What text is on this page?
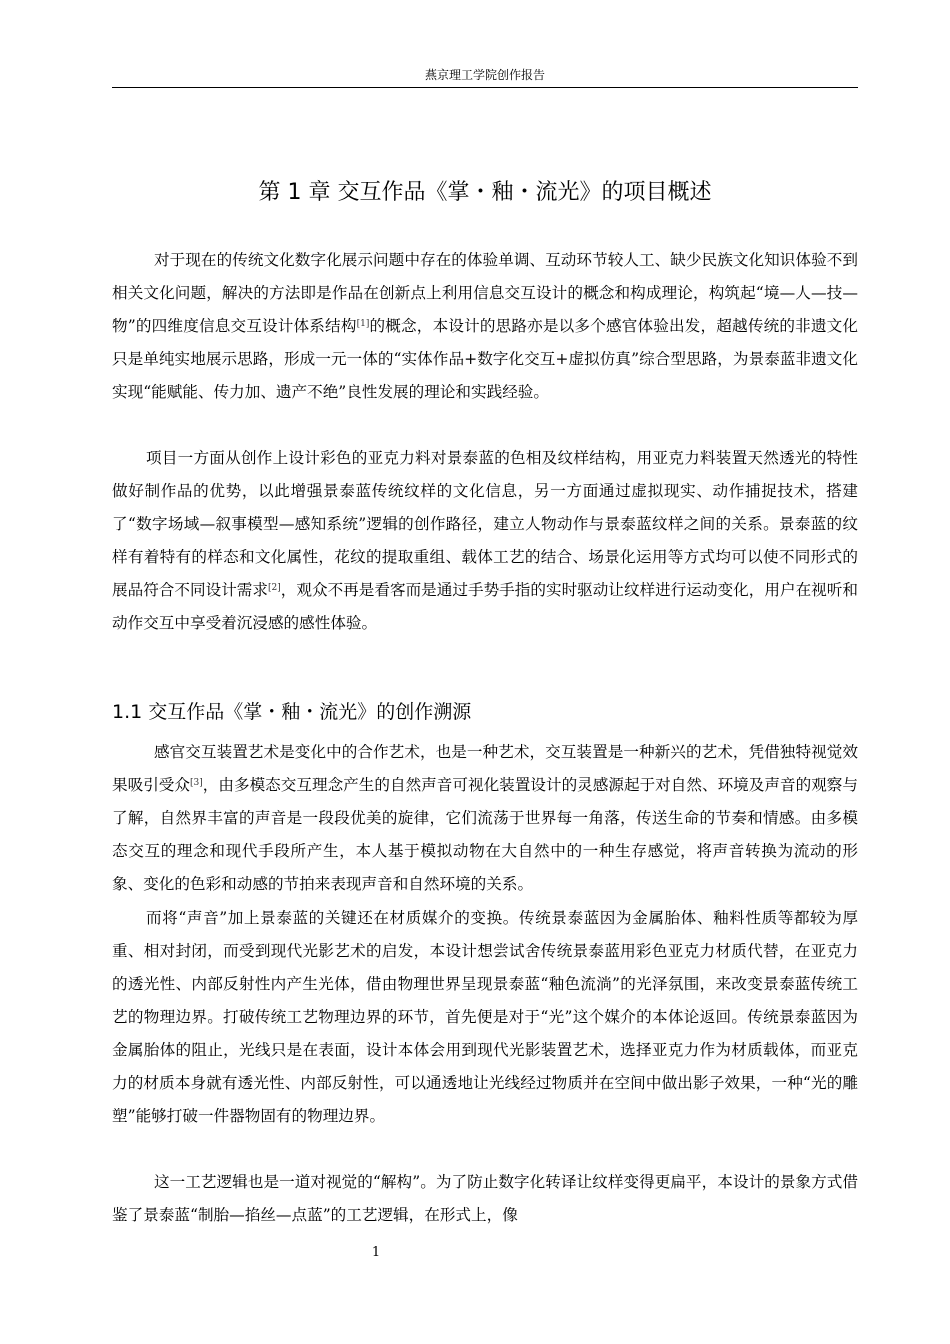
燕京理工学院创作报告
第 1 章 交互作品《掌・釉・流光》的项目概述

对于现在的传统文化数字化展示问题中存在的体验单调、互动环节较人工、缺少民族文化知识体验不到相关文化问题，解决的方法即是作品在创新点上利用信息交互设计的概念和构成理论，构筑起“境—人—技—物”的四维度信息交互设计体系结构[1]的概念，本设计的思路亦是以多个感官体验出发，超越传统的非遗文化只是单纯实地展示思路，形成一元一体的“实体作品+数字化交互+虚拟仿真”综合型思路，为景泰蓝非遗文化实现“能赋能、传力加、遗产不绝”良性发展的理论和实践经验。

项目一方面从创作上设计彩色的亚克力料对景泰蓝的色相及纹样结构，用亚克力料装置天然透光的特性做好制作品的优势，以此增强景泰蓝传统纹样的文化信息，另一方面通过虚拟现实、动作捕捉技术，搭建了“数字场域—叙事模型—感知系统”逻辑的创作路径，建立人物动作与景泰蓝纹样之间的关系。景泰蓝的纹样有着特有的样态和文化属性，花纹的提取重组、载体工艺的结合、场景化运用等方式均可以使不同形式的展品符合不同设计需求[2]，观众不再是看客而是通过手势手指的实时驱动让纹样进行运动变化，用户在视听和动作交互中享受着沉浸感的感性体验。

1.1 交互作品《掌・釉・流光》的创作溯源

感官交互装置艺术是变化中的合作艺术，也是一种艺术，交互装置是一种新兴的艺术，凭借独特视觉效果吸引受众[3]，由多模态交互理念产生的自然声音可视化装置设计的灵感源起于对自然、环境及声音的观察与了解，自然界丰富的声音是一段段优美的旋律，它们流荡于世界每一角落，传送生命的节奏和情感。由多模态交互的理念和现代手段所产生，本人基于模拟动物在大自然中的一种生存感觉，将声音转换为流动的形象、变化的色彩和动感的节拍来表现声音和自然环境的关系。

而将“声音”加上景泰蓝的关键还在材质媒介的变换。传统景泰蓝因为金属胎体、釉料性质等都较为厚重、相对封闭，而受到现代光影艺术的启发，本设计想尝试舍传统景泰蓝用彩色亚克力材质代替，在亚克力的透光性、内部反射性内产生光体，借由物理世界呈现景泰蓝“釉色流淌”的光泽氛围，来改变景泰蓝传统工艺的物理边界。打破传统工艺物理边界的环节，首先便是对于“光”这个媒介的本体论返回。传统景泰蓝因为金属胎体的阻止，光线只是在表面，设计本体会用到现代光影装置艺术，选择亚克力作为材质载体，而亚克力的材质本身就有透光性、内部反射性，可以通透地让光线经过物质并在空间中做出影子效果，一种“光的雕塑”能够打破一件器物固有的物理边界。

这一工艺逻辑也是一道对视觉的“解构”。为了防止数字化转译让纹样变得更扁平，本设计的景象方式借鉴了景泰蓝“制胎—掐丝—点蓝”的工艺逻辑，在形式上，像

1
